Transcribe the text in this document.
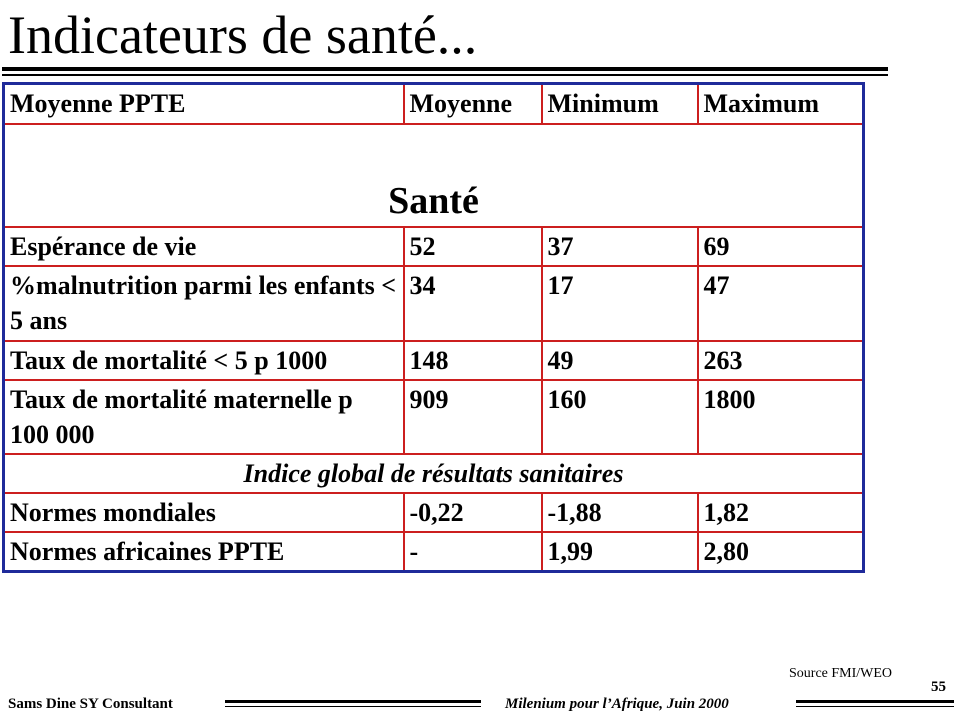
Indicateurs de santé...
Moyenne PPTE	Moyenne	Minimum	Maximum
Santé			
Espérance de vie	52	37	69
%malnutrition parmi les enfants < 5 ans	34	17	47
Taux de mortalité < 5 p 1000	148	49	263
Taux de mortalité maternelle p 100 000	909	160	1800
Indice global de résultats sanitaires			
Normes mondiales	-0,22	-1,88	1,82
Normes africaines PPTE	-	1,99	2,80
Source FMI/WEO
55
Sams Dine SY Consultant	Milenium pour l’Afrique, Juin 2000
